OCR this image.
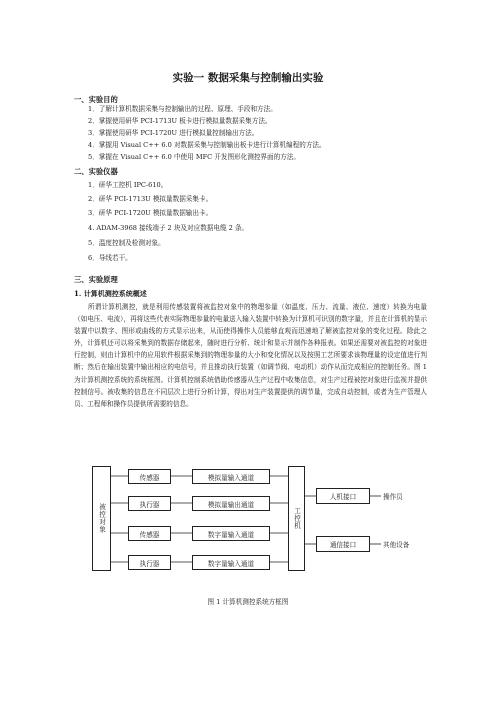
实验一 数据采集与控制输出实验
一、实验目的
1．了解计算机数据采集与控制输出的过程、原理、手段和方法。
2．掌握使用研华 PCI-1713U 板卡进行模拟量数据采集方法。
3．掌握使用研华 PCI-1720U 进行模拟量控制输出方法。
4．掌握用 Visual C++ 6.0 对数据采集与控制输出板卡进行计算机编程的方法。
5．掌握在 Visual C++ 6.0 中使用 MFC 开发图形化测控界面的方法。
二、实验仪器
1．研华工控机 IPC-610。
2．研华 PCI-1713U 模拟量数据采集卡。
3．研华 PCI-1720U 模拟量数据输出卡。
4. ADAM-3968 接线端子 2 块及对应数据电缆 2 条。
5．温度控制及检测对象。
6．导线若干。
三、实验原理
1. 计算机测控系统概述
所谓计算机测控，就是利用传感装置将被监控对象中的物理参量（如温度、压力、流量、液位、速度）转换为电量（如电压、电流），再将这些代表实际物理参量的电量送入输入装置中转换为计算机可识别的数字量，并且在计算机的显示装置中以数字、图形或曲线的方式显示出来，从而使得操作人员能够直观而迅速地了解被监控对象的变化过程。除此之外，计算机还可以将采集到的数据存储起来，随时进行分析、统计和显示并制作各种报表。如果还需要对被监控的对象进行控制，则由计算机中的应用软件根据采集到的物理参量的大小和变化情况以及按照工艺所要求该物理量的设定值进行判断；然后在输出装置中输出相应的电信号，并且推动执行装置（如调节阀、电动机）动作从而完成相应的控制任务。图 1 为计算机测控系统的系统框图。计算机控制系统借助传感器从生产过程中收集信息，对生产过程被控对象进行监视并提供控制信号。被收集的信息在不同层次上进行分析计算，得出对生产装置提供的调节量，完成自动控制，或者为生产管理人员、工程师和操作员提供所需要的信息。
被控对象
传感器
执行器
传感器
执行器
模拟量输入通道
模拟量输出通道
数字量输入通道
数字量输入通道
工控机
人机接口
通信接口
操作员
其他设备
图 1 计算机测控系统方框图
